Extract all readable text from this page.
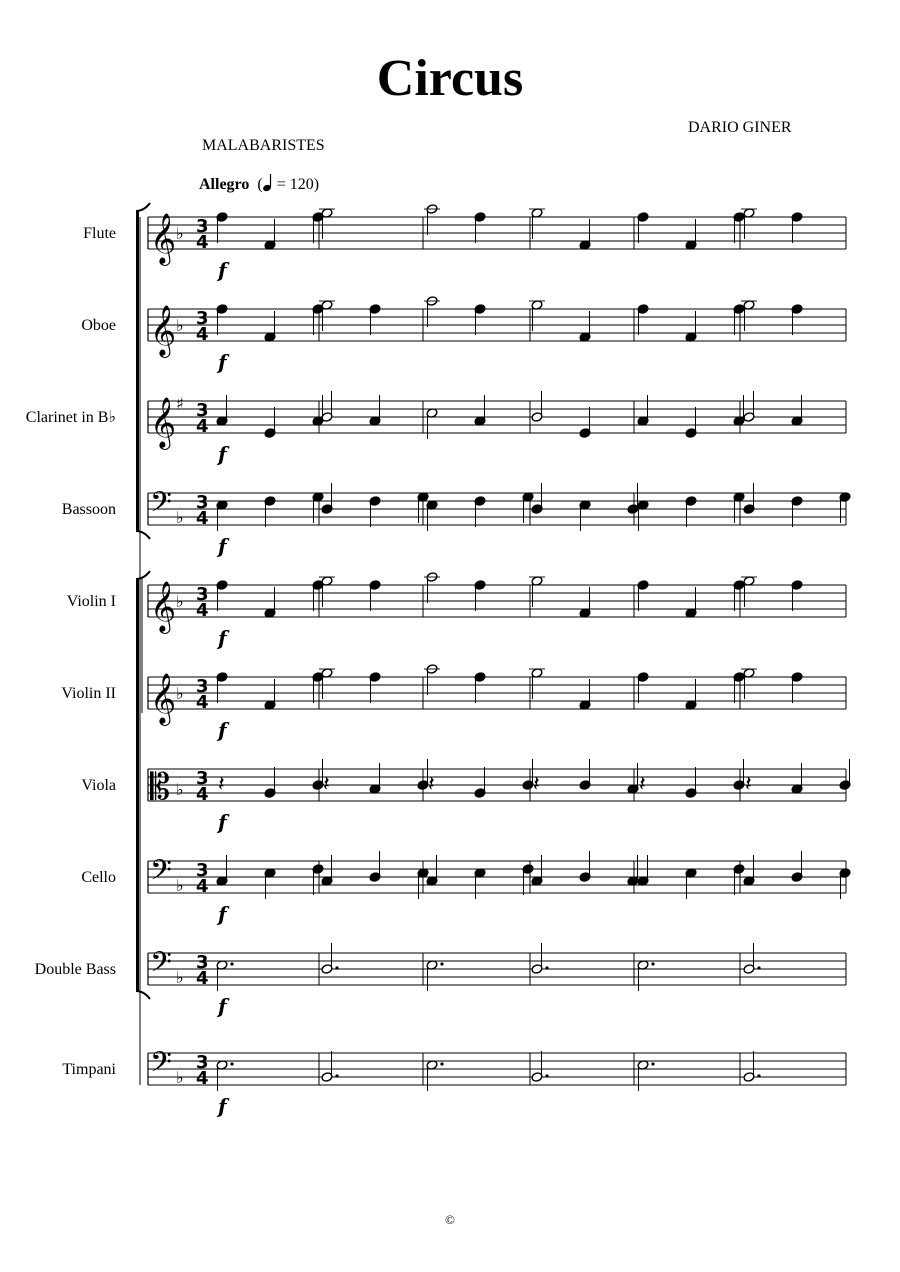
Circus
DARIO GINER
MALABARISTES
Allegro  ( = 120)
Flute
f
𝄞 ♭ 3
4
Oboe
f
𝄞 ♭ 3
4
Clarinet in B♭
f
𝄞 ♯ 3
4
Bassoon
f
𝄢 ♭
3
4
Violin I
f
𝄞 ♭ 3
4
Violin II
f
𝄞 ♭ 3
4
Viola
f
𝄡 ♭
3
4 𝄽	𝄽	𝄽	𝄽	𝄽	𝄽
Cello
f
𝄢 ♭
3
4
Double Bass
f
𝄢 ♭
3
4
Timpani
f
𝄢 ♭
3
4
©
